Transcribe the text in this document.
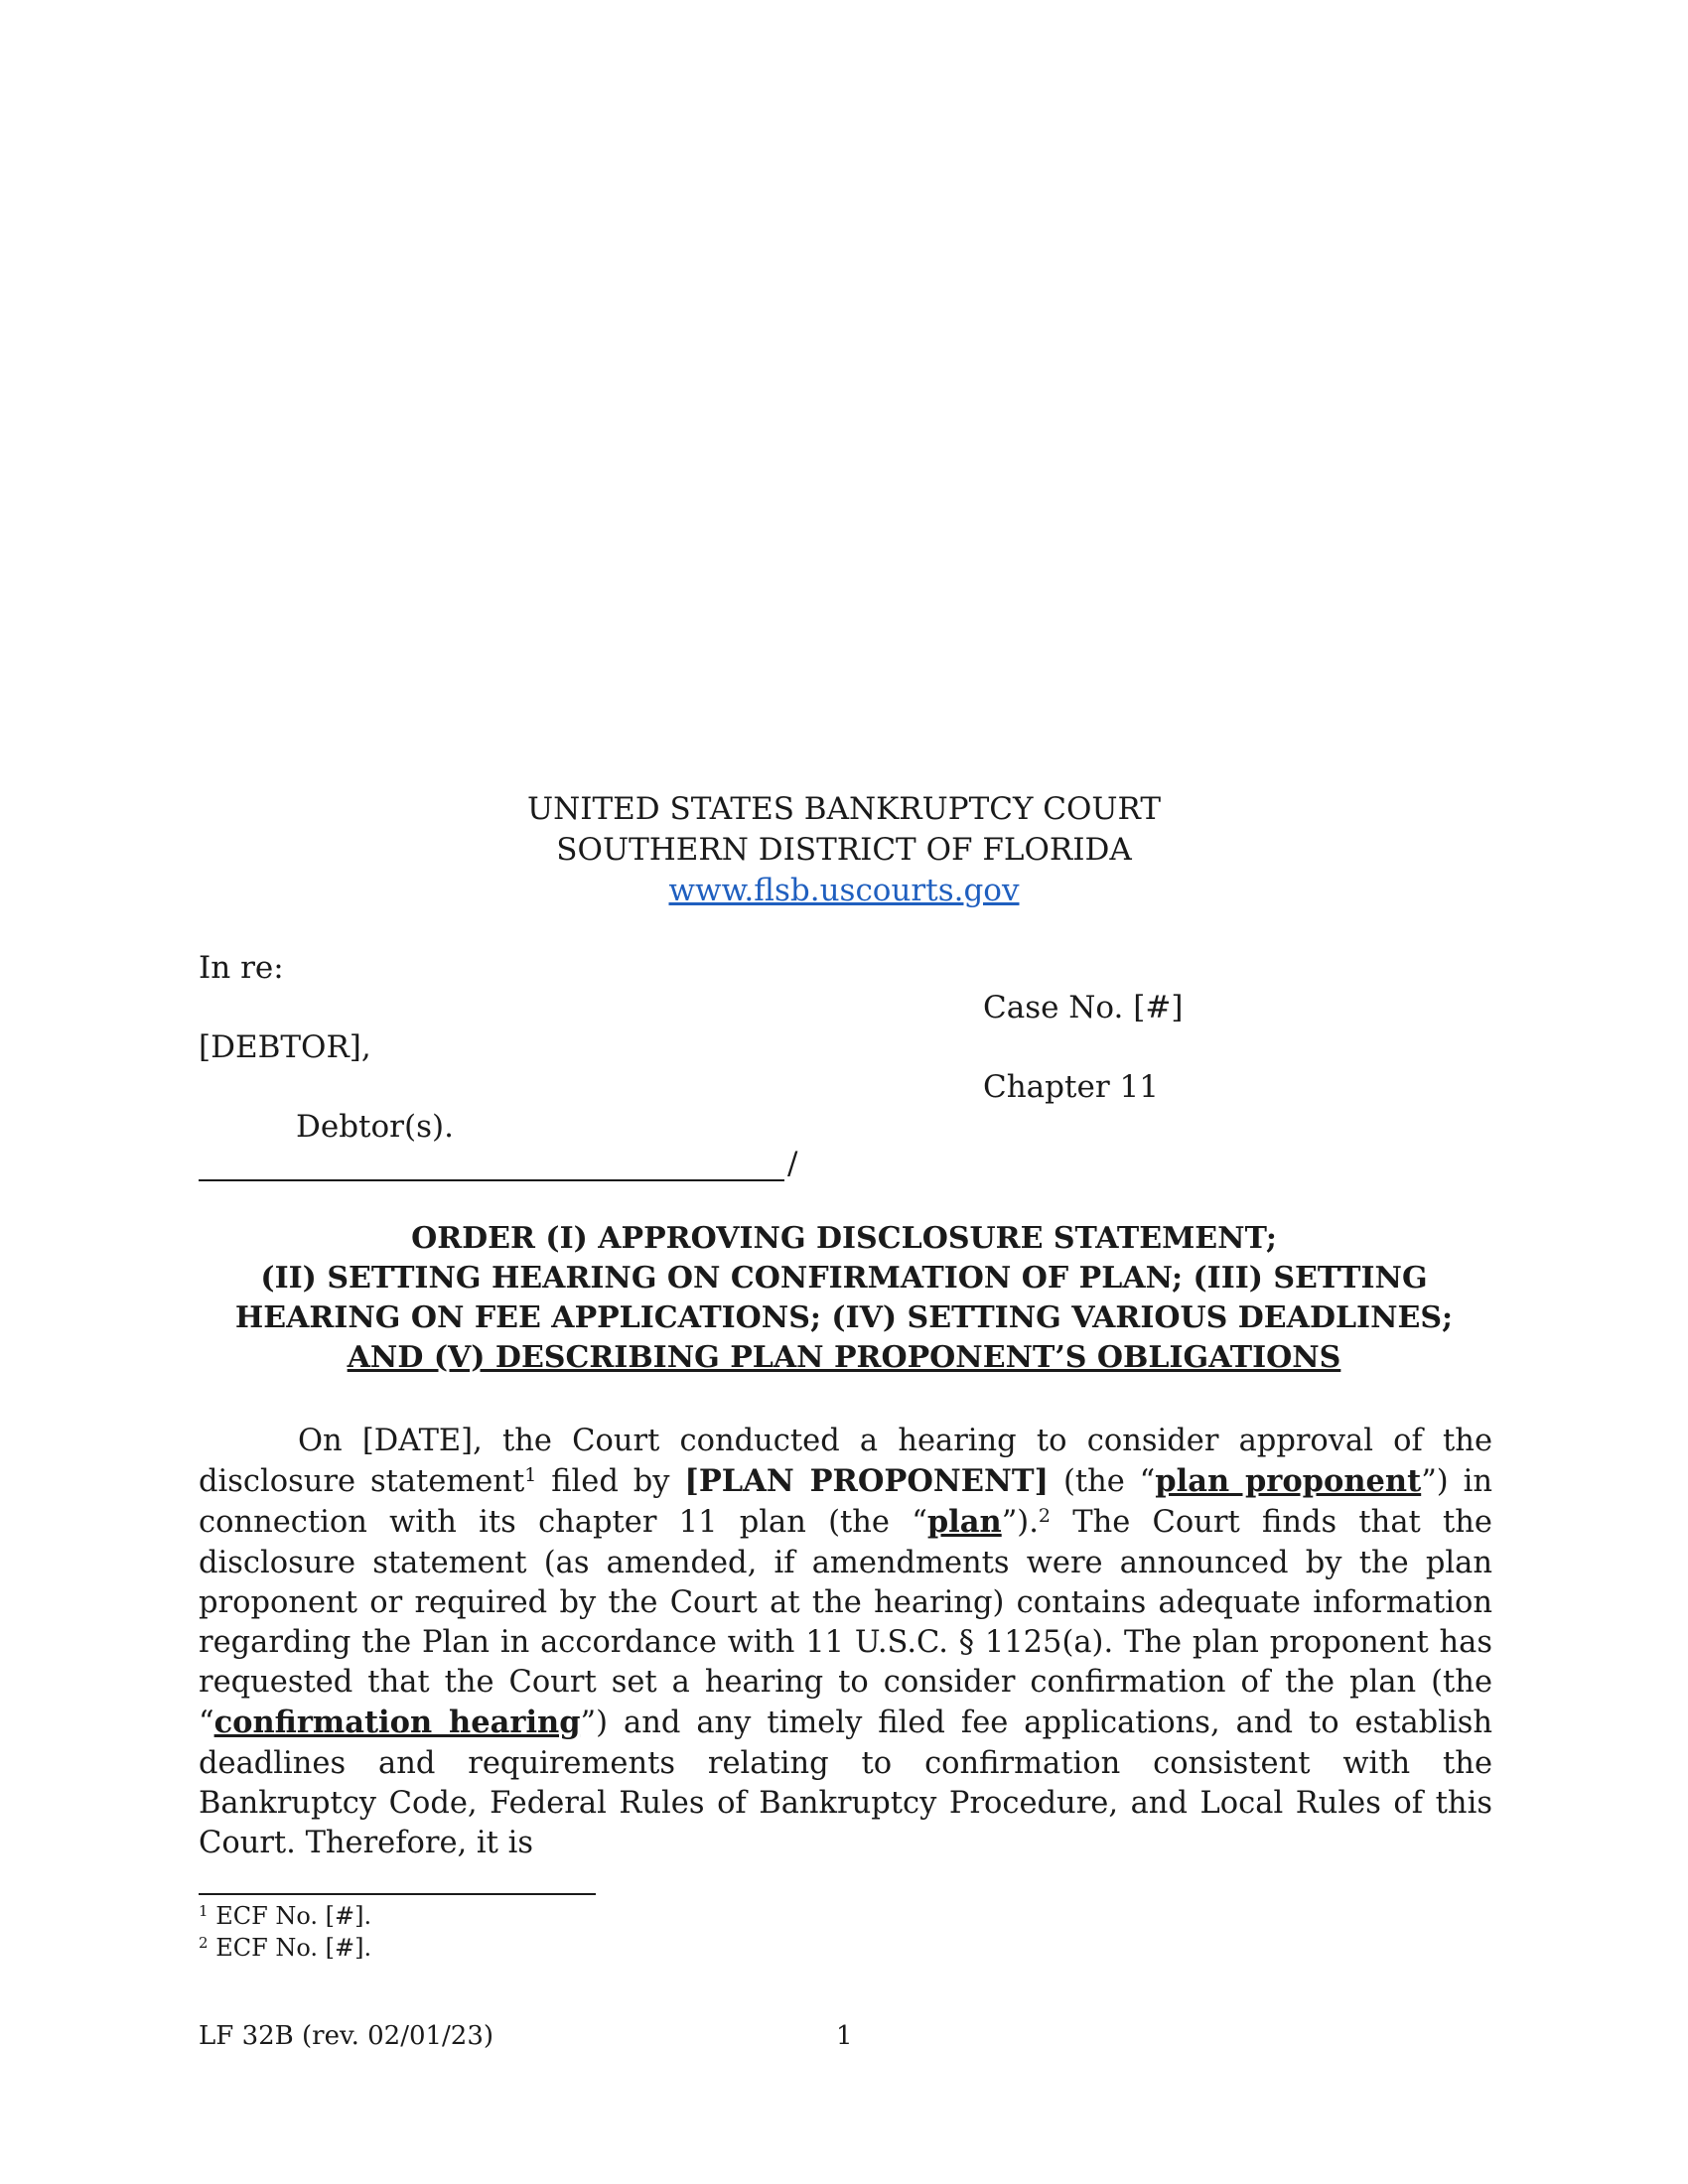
UNITED STATES BANKRUPTCY COURT
SOUTHERN DISTRICT OF FLORIDA
www.flsb.uscourts.gov
In re:
Case No. [#]
[DEBTOR],
Chapter 11
Debtor(s).
/
ORDER (I) APPROVING DISCLOSURE STATEMENT;
(II) SETTING HEARING ON CONFIRMATION OF PLAN; (III) SETTING
HEARING ON FEE APPLICATIONS; (IV) SETTING VARIOUS DEADLINES;
AND (V) DESCRIBING PLAN PROPONENT’S OBLIGATIONS

On [DATE], the Court conducted a hearing to consider approval of the disclosure statement$^1$ filed by [PLAN PROPONENT] (the “plan proponent”) in connection with its chapter 11 plan (the “plan”).$^2$ The Court finds that the disclosure statement (as amended, if amendments were announced by the plan proponent or required by the Court at the hearing) contains adequate information regarding the Plan in accordance with 11 U.S.C. § 1125(a). The plan proponent has requested that the Court set a hearing to consider confirmation of the plan (the “confirmation hearing”) and any timely filed fee applications, and to establish deadlines and requirements relating to confirmation consistent with the Bankruptcy Code, Federal Rules of Bankruptcy Procedure, and Local Rules of this Court. Therefore, it is

$^1$ ECF No. [#].
$^2$ ECF No. [#].
LF 32B (rev. 02/01/23)	1
